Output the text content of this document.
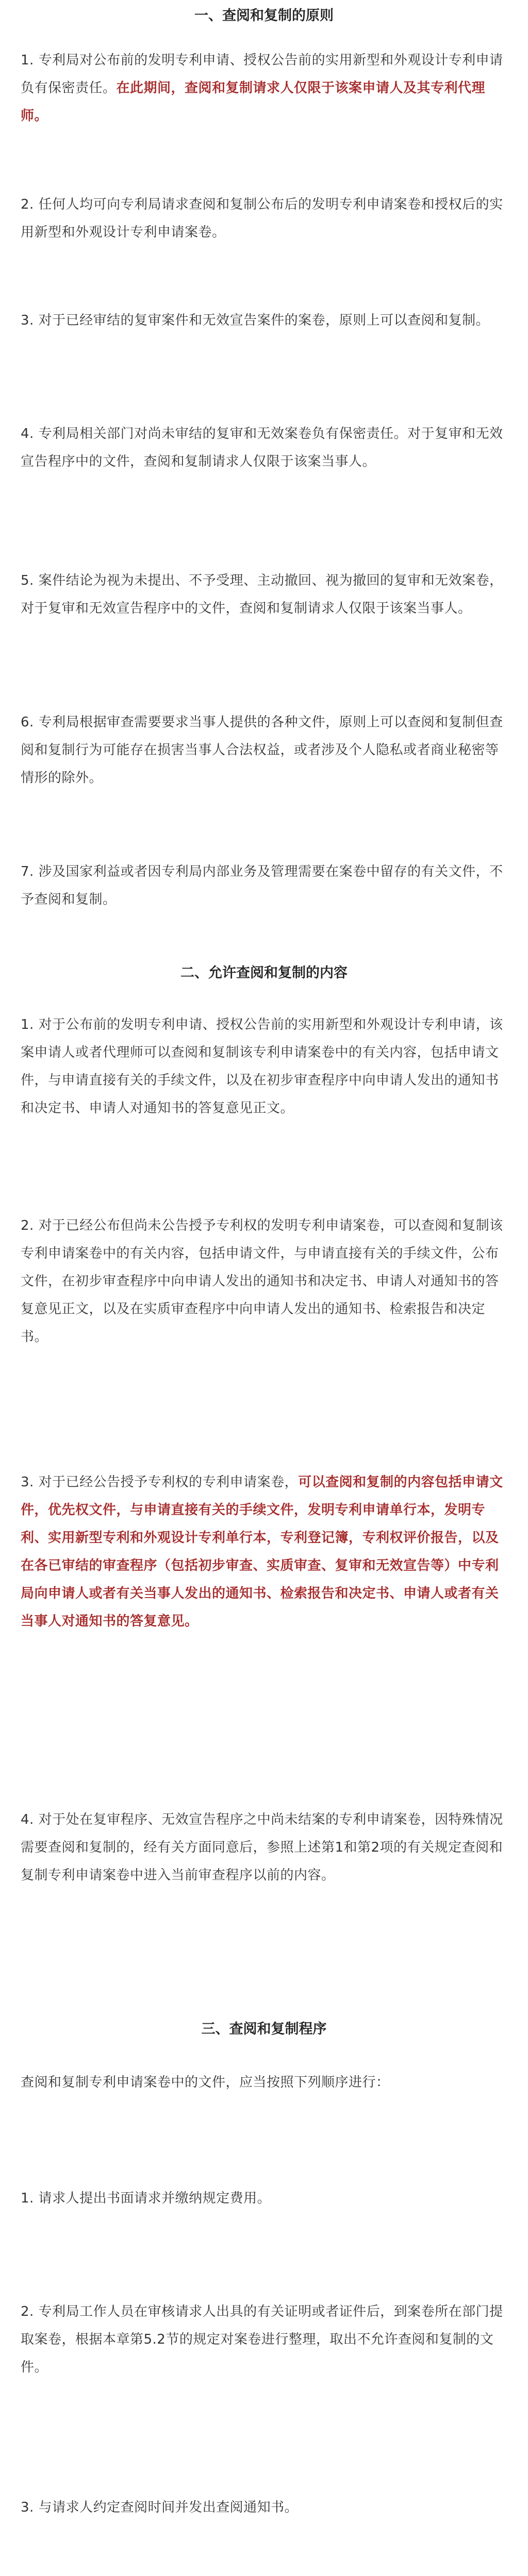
一、查阅和复制的原则

1. 专利局对公布前的发明专利申请、授权公告前的实用新型和外观设计专利申请负有保密责任。在此期间，查阅和复制请求人仅限于该案申请人及其专利代理师。

2. 任何人均可向专利局请求查阅和复制公布后的发明专利申请案卷和授权后的实用新型和外观设计专利申请案卷。

3. 对于已经审结的复审案件和无效宣告案件的案卷，原则上可以查阅和复制。

4. 专利局相关部门对尚未审结的复审和无效案卷负有保密责任。对于复审和无效宣告程序中的文件，查阅和复制请求人仅限于该案当事人。

5. 案件结论为视为未提出、不予受理、主动撤回、视为撤回的复审和无效案卷，对于复审和无效宣告程序中的文件，查阅和复制请求人仅限于该案当事人。

6. 专利局根据审查需要要求当事人提供的各种文件，原则上可以查阅和复制但查阅和复制行为可能存在损害当事人合法权益，或者涉及个人隐私或者商业秘密等情形的除外。

7. 涉及国家利益或者因专利局内部业务及管理需要在案卷中留存的有关文件，不予查阅和复制。

二、允许查阅和复制的内容

1. 对于公布前的发明专利申请、授权公告前的实用新型和外观设计专利申请，该案申请人或者代理师可以查阅和复制该专利申请案卷中的有关内容，包括申请文件，与申请直接有关的手续文件，以及在初步审查程序中向申请人发出的通知书和决定书、申请人对通知书的答复意见正文。

2. 对于已经公布但尚未公告授予专利权的发明专利申请案卷，可以查阅和复制该专利申请案卷中的有关内容，包括申请文件，与申请直接有关的手续文件，公布文件，在初步审查程序中向申请人发出的通知书和决定书、申请人对通知书的答复意见正文，以及在实质审查程序中向申请人发出的通知书、检索报告和决定书。

3. 对于已经公告授予专利权的专利申请案卷，可以查阅和复制的内容包括申请文件，优先权文件，与申请直接有关的手续文件，发明专利申请单行本，发明专利、实用新型专利和外观设计专利单行本，专利登记簿，专利权评价报告，以及在各已审结的审查程序（包括初步审查、实质审查、复审和无效宣告等）中专利局向申请人或者有关当事人发出的通知书、检索报告和决定书、申请人或者有关当事人对通知书的答复意见。

4. 对于处在复审程序、无效宣告程序之中尚未结案的专利申请案卷，因特殊情况需要查阅和复制的，经有关方面同意后，参照上述第1和第2项的有关规定查阅和复制专利申请案卷中进入当前审查程序以前的内容。

三、查阅和复制程序

查阅和复制专利申请案卷中的文件，应当按照下列顺序进行：

1. 请求人提出书面请求并缴纳规定费用。

2. 专利局工作人员在审核请求人出具的有关证明或者证件后，到案卷所在部门提取案卷，根据本章第5.2节的规定对案卷进行整理，取出不允许查阅和复制的文件。

3. 与请求人约定查阅时间并发出查阅通知书。
